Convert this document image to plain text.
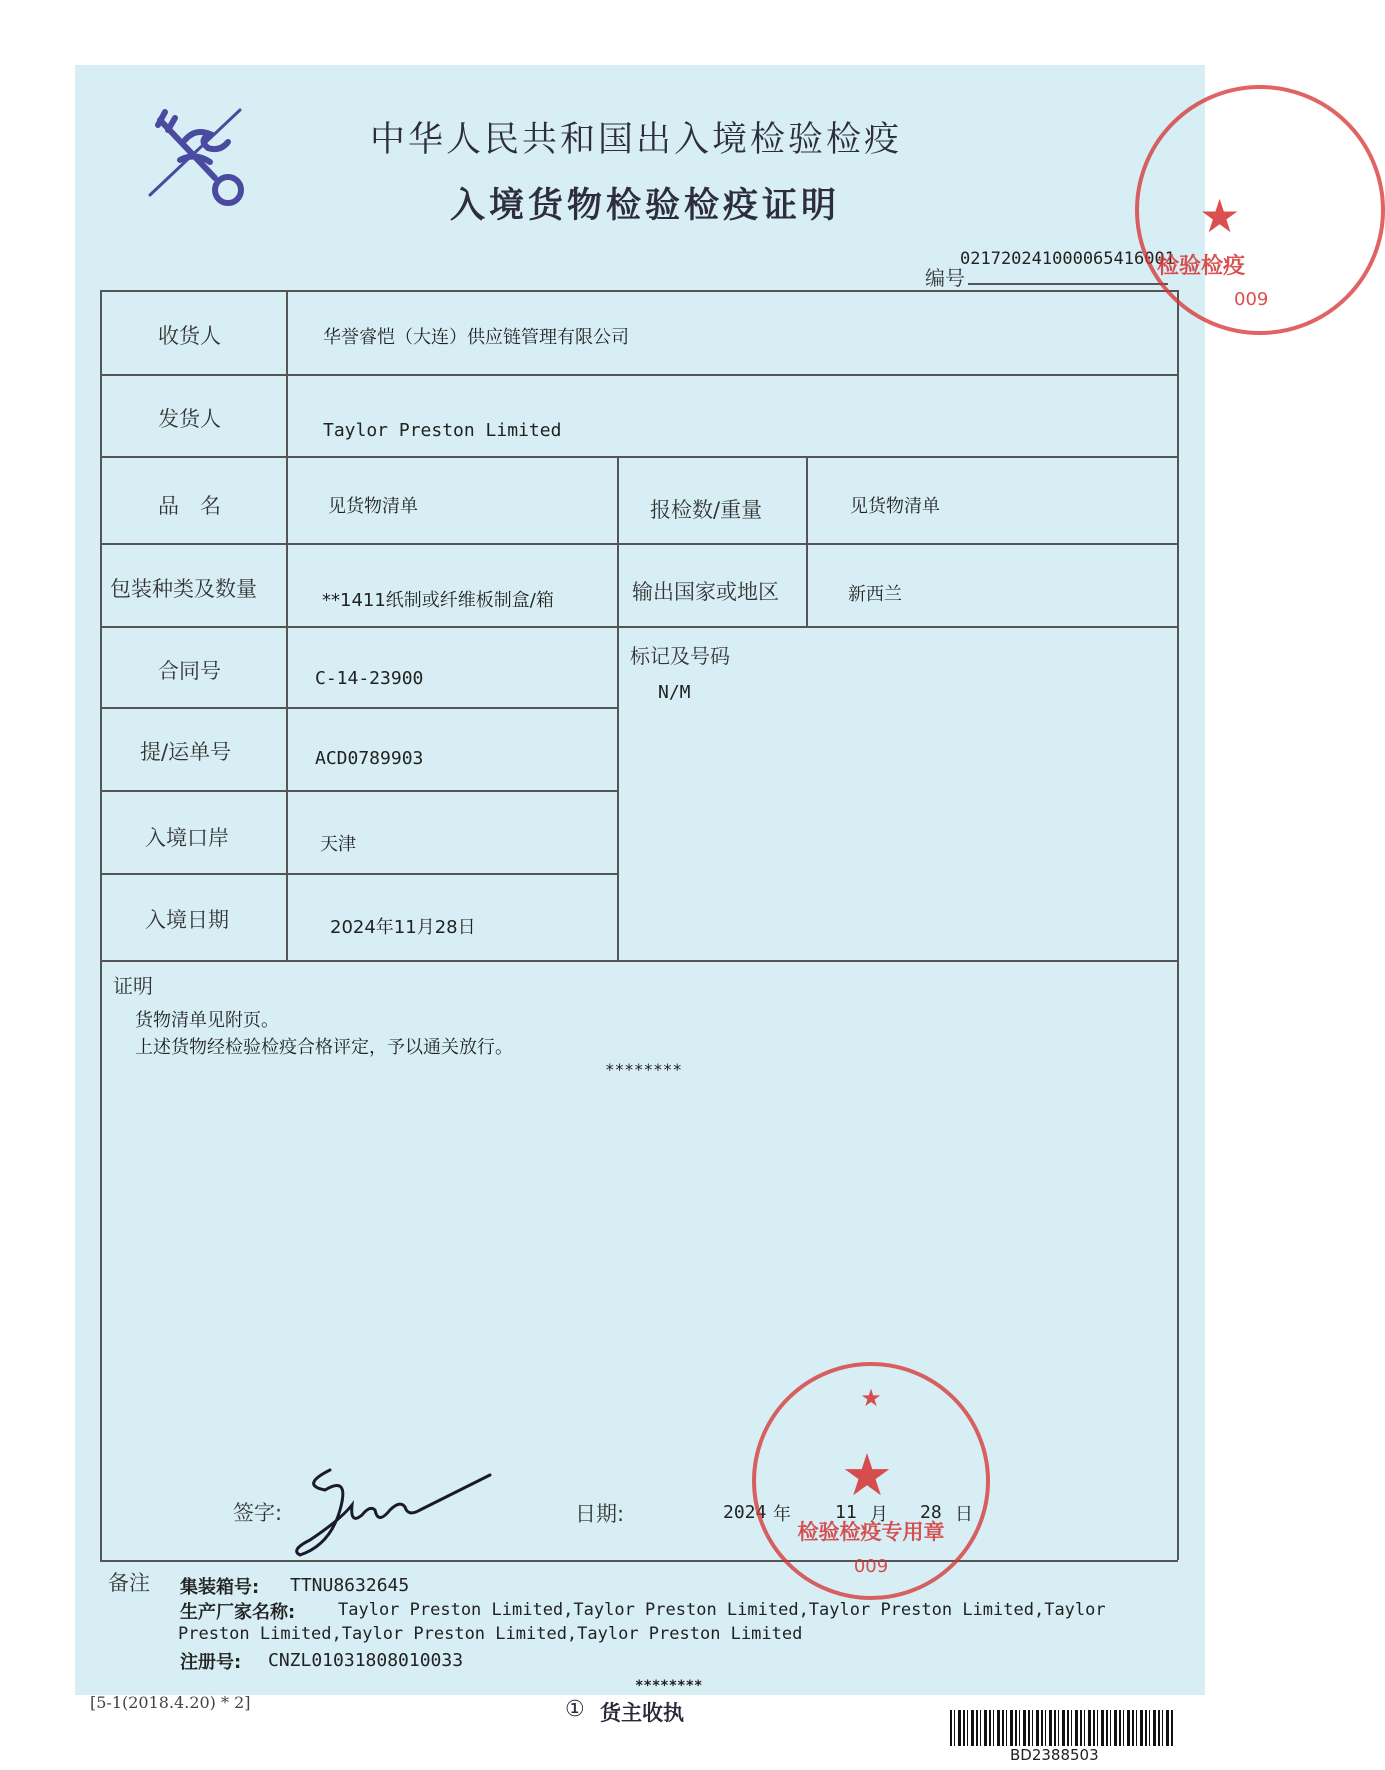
中华人民共和国出入境检验检疫
入境货物检验检疫证明
编号
021720241000065416001
收货人	华誉睿恺（大连）供应链管理有限公司
发货人	Taylor Preston Limited
品　名	见货物清单	报检数/重量	见货物清单
包装种类及数量	**1411纸制或纤维板制盒/箱	输出国家或地区	新西兰
合同号	C-14-23900
标记及号码
N/M
提/运单号	ACD0789903
入境口岸	天津
入境日期	2024年11月28日
证明
货物清单见附页。
上述货物经检验检疫合格评定，予以通关放行。
********
签字:	日期:	2024 年 11 月 28 日
★
★
检验检疫专用章
009
★
检验检疫
009
备注 集装箱号: TTNU8632645
生产厂家名称:	Taylor Preston Limited,Taylor Preston Limited,Taylor Preston Limited,Taylor
Preston Limited,Taylor Preston Limited,Taylor Preston Limited
注册号: CNZL01031808010033
********
[5-1(2018.4.20) * 2]	① 货主收执
BD2388503
